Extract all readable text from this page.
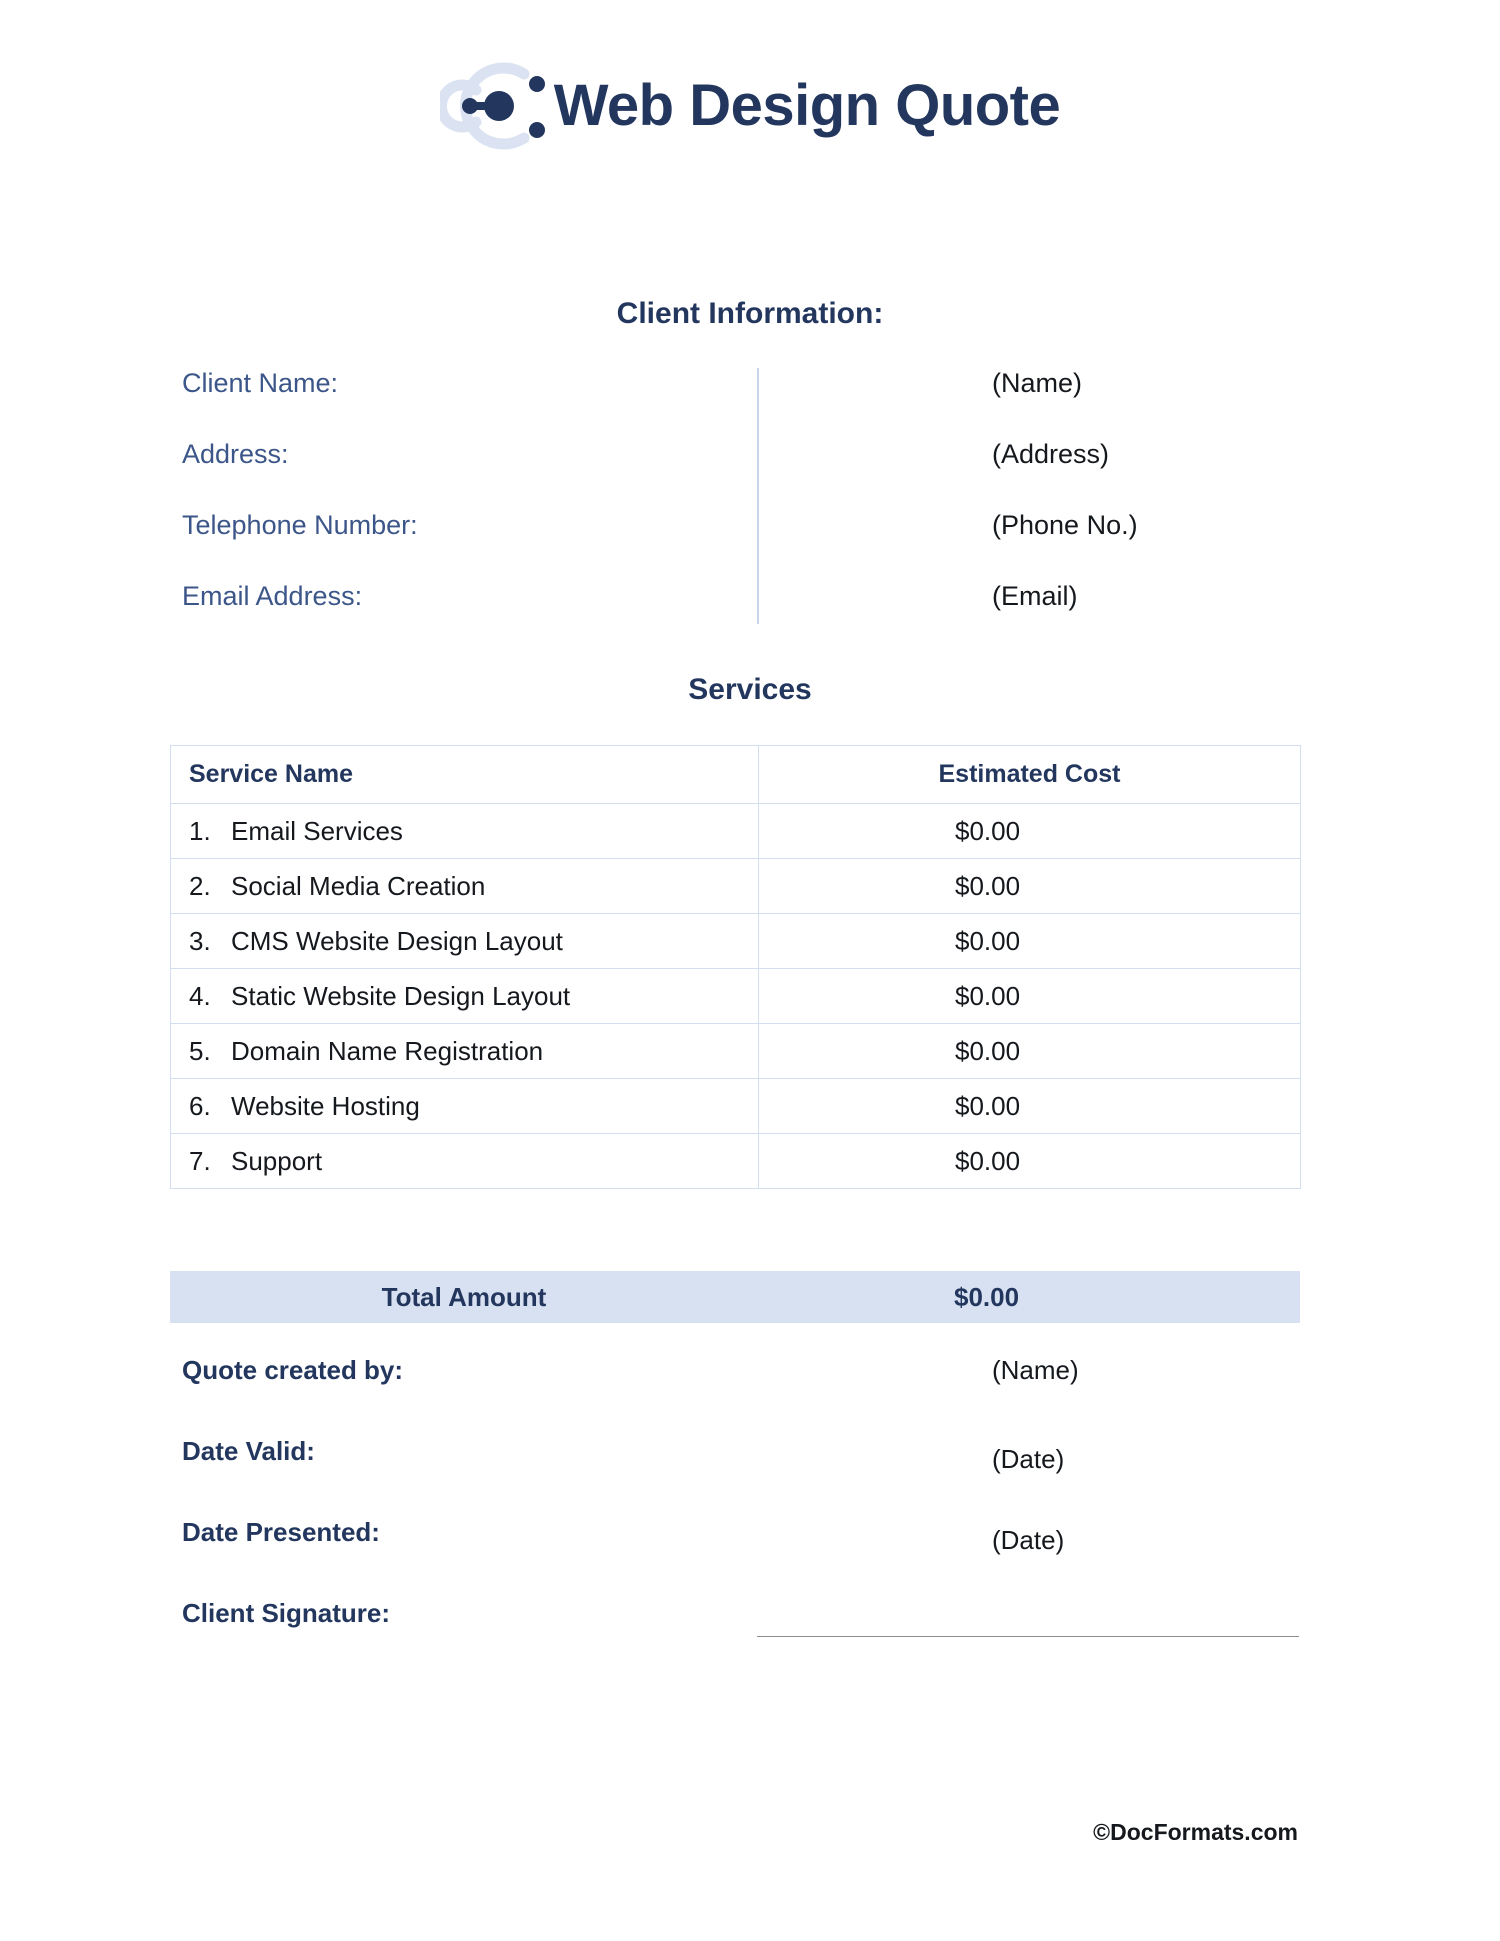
Web Design Quote
Client Information:
Client Name:	(Name)
Address:	(Address)
Telephone Number:	(Phone No.)
Email Address:	(Email)
Services
Service Name	Estimated Cost
1. Email Services	$0.00
2. Social Media Creation	$0.00
3. CMS Website Design Layout	$0.00
4. Static Website Design Layout	$0.00
5. Domain Name Registration	$0.00
6. Website Hosting	$0.00
7. Support	$0.00
Total Amount	$0.00
Quote created by:	(Name)
Date Valid:	(Date)
Date Presented:	(Date)
Client Signature:
©DocFormats.com
